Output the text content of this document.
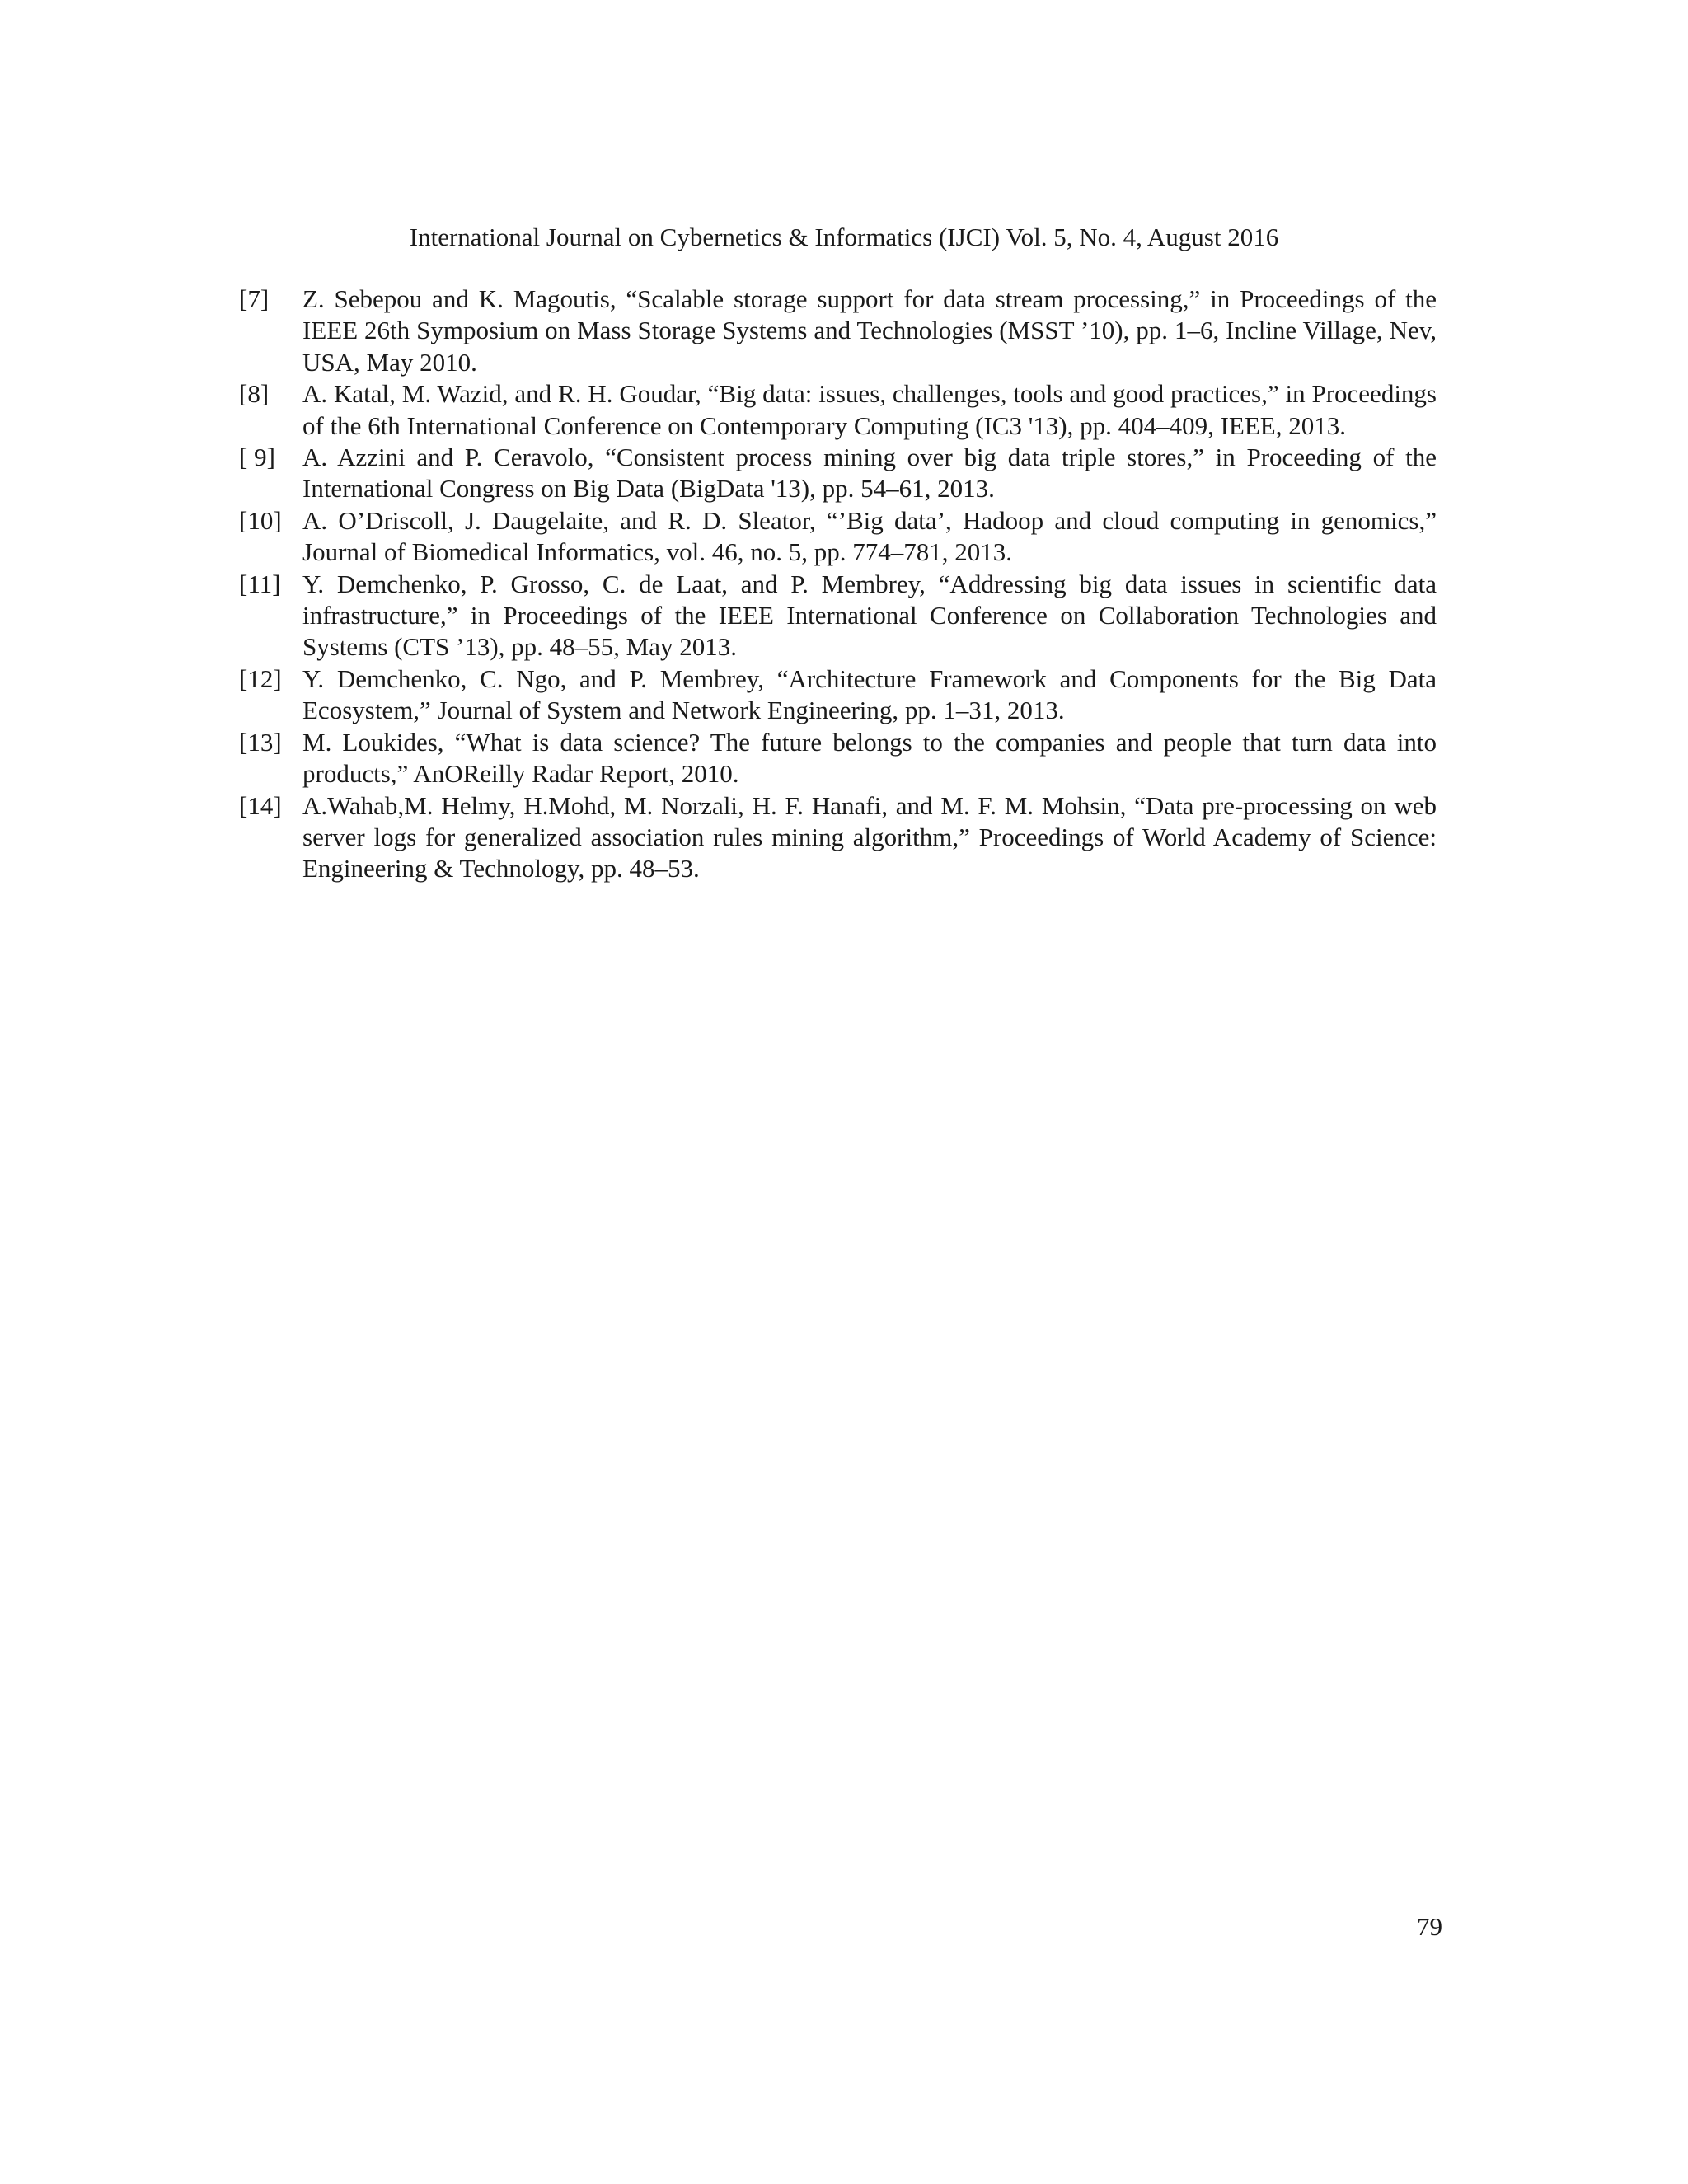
International Journal on Cybernetics & Informatics (IJCI) Vol. 5, No. 4, August 2016
[7] Z. Sebepou and K. Magoutis, “Scalable storage support for data stream processing,” in Proceedings of the IEEE 26th Symposium on Mass Storage Systems and Technologies (MSST ’10), pp. 1–6, Incline Village, Nev, USA, May 2010.
[8] A. Katal, M. Wazid, and R. H. Goudar, “Big data: issues, challenges, tools and good practices,” in Proceedings of the 6th International Conference on Contemporary Computing (IC3 '13), pp. 404–409, IEEE, 2013.
[ 9] A. Azzini and P. Ceravolo, “Consistent process mining over big data triple stores,” in Proceeding of the International Congress on Big Data (BigData '13), pp. 54–61, 2013.
[10] A. O’Driscoll, J. Daugelaite, and R. D. Sleator, “’Big data’, Hadoop and cloud computing in genomics,” Journal of Biomedical Informatics, vol. 46, no. 5, pp. 774–781, 2013.
[11] Y. Demchenko, P. Grosso, C. de Laat, and P. Membrey, “Addressing big data issues in scientific data infrastructure,” in Proceedings of the IEEE International Conference on Collaboration Technologies and Systems (CTS ’13), pp. 48–55, May 2013.
[12] Y. Demchenko, C. Ngo, and P. Membrey, “Architecture Framework and Components for the Big Data Ecosystem,” Journal of System and Network Engineering, pp. 1–31, 2013.
[13] M. Loukides, “What is data science? The future belongs to the companies and people that turn data into products,” AnOReilly Radar Report, 2010.
[14] A.Wahab,M. Helmy, H.Mohd, M. Norzali, H. F. Hanafi, and M. F. M. Mohsin, “Data pre-processing on web server logs for generalized association rules mining algorithm,” Proceedings of World Academy of Science: Engineering & Technology, pp. 48–53.
79
